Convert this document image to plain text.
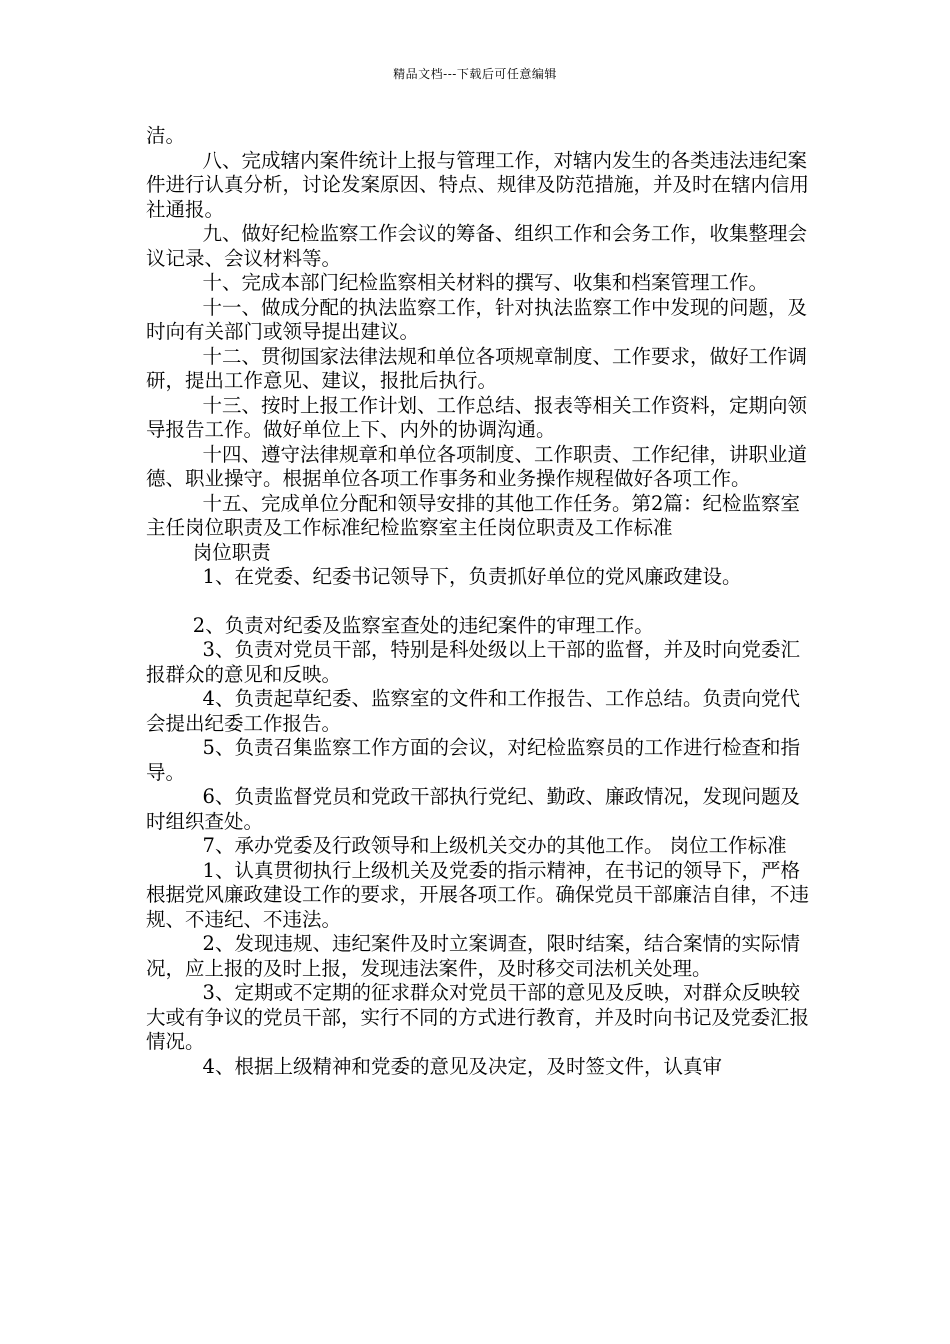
精品文档---下载后可任意编辑

洁。

八、完成辖内案件统计上报与管理工作，对辖内发生的各类违法违纪案件进行认真分析，讨论发案原因、特点、规律及防范措施，并及时在辖内信用社通报。

九、做好纪检监察工作会议的筹备、组织工作和会务工作，收集整理会议记录、会议材料等。

十、完成本部门纪检监察相关材料的撰写、收集和档案管理工作。

十一、做成分配的执法监察工作，针对执法监察工作中发现的问题，及时向有关部门或领导提出建议。

十二、贯彻国家法律法规和单位各项规章制度、工作要求，做好工作调研，提出工作意见、建议，报批后执行。

十三、按时上报工作计划、工作总结、报表等相关工作资料，定期向领导报告工作。做好单位上下、内外的协调沟通。

十四、遵守法律规章和单位各项制度、工作职责、工作纪律，讲职业道德、职业操守。根据单位各项工作事务和业务操作规程做好各项工作。

十五、完成单位分配和领导安排的其他工作任务。第2篇：纪检监察室主任岗位职责及工作标准纪检监察室主任岗位职责及工作标准

岗位职责

1、在党委、纪委书记领导下，负责抓好单位的党风廉政建设。

2、负责对纪委及监察室查处的违纪案件的审理工作。

3、负责对党员干部，特别是科处级以上干部的监督，并及时向党委汇报群众的意见和反映。

4、负责起草纪委、监察室的文件和工作报告、工作总结。负责向党代会提出纪委工作报告。

5、负责召集监察工作方面的会议，对纪检监察员的工作进行检查和指导。

6、负责监督党员和党政干部执行党纪、勤政、廉政情况，发现问题及时组织查处。

7、承办党委及行政领导和上级机关交办的其他工作。 岗位工作标准

1、认真贯彻执行上级机关及党委的指示精神，在书记的领导下，严格根据党风廉政建设工作的要求，开展各项工作。确保党员干部廉洁自律，不违规、不违纪、不违法。

2、发现违规、违纪案件及时立案调查，限时结案，结合案情的实际情况，应上报的及时上报，发现违法案件，及时移交司法机关处理。

3、定期或不定期的征求群众对党员干部的意见及反映，对群众反映较大或有争议的党员干部，实行不同的方式进行教育，并及时向书记及党委汇报情况。

4、根据上级精神和党委的意见及决定，及时签文件，认真审
